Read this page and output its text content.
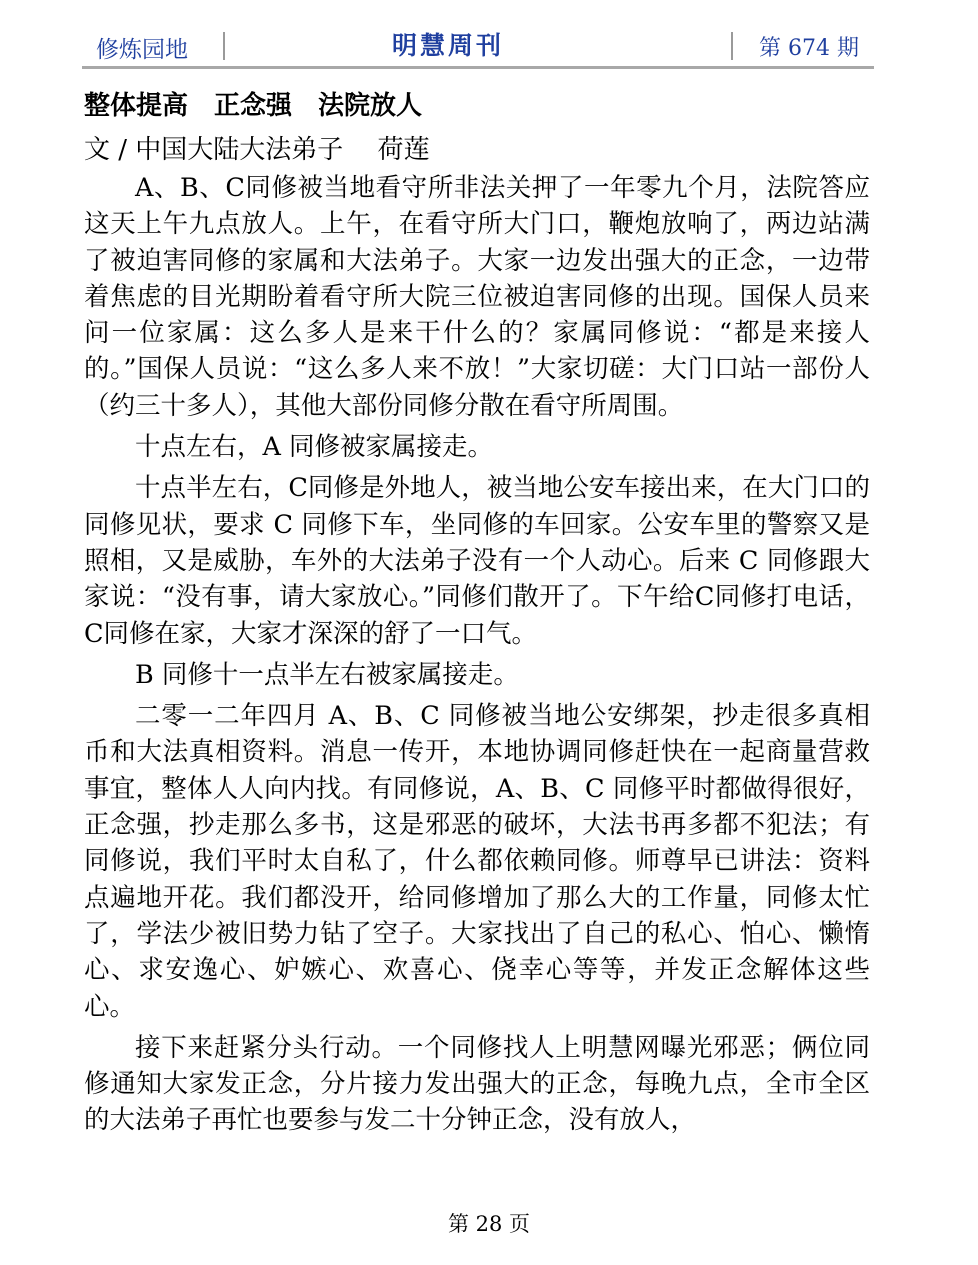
修炼园地	明慧周刊	第 674 期
整体提高　正念强　法院放人
文 / 中国大陆大法弟子　 荷莲

A、B、C同修被当地看守所非法关押了一年零九个月，法院答应这天上午九点放人。上午，在看守所大门口，鞭炮放响了，两边站满了被迫害同修的家属和大法弟子。大家一边发出强大的正念，一边带着焦虑的目光期盼着看守所大院三位被迫害同修的出现。国保人员来问一位家属：这么多人是来干什么的？家属同修说：“都是来接人的。”国保人员说：“这么多人来不放！”大家切磋：大门口站一部份人（约三十多人），其他大部份同修分散在看守所周围。

十点左右，A 同修被家属接走。

十点半左右，C同修是外地人，被当地公安车接出来，在大门口的同修见状，要求 C 同修下车，坐同修的车回家。公安车里的警察又是照相，又是威胁，车外的大法弟子没有一个人动心。后来 C 同修跟大家说：“没有事，请大家放心。”同修们散开了。下午给C同修打电话，C同修在家，大家才深深的舒了一口气。

B 同修十一点半左右被家属接走。

二零一二年四月 A、B、C 同修被当地公安绑架，抄走很多真相币和大法真相资料。消息一传开，本地协调同修赶快在一起商量营救事宜，整体人人向内找。有同修说，A、B、C 同修平时都做得很好，正念强，抄走那么多书，这是邪恶的破坏，大法书再多都不犯法；有同修说，我们平时太自私了，什么都依赖同修。师尊早已讲法：资料点遍地开花。我们都没开，给同修增加了那么大的工作量，同修太忙了，学法少被旧势力钻了空子。大家找出了自己的私心、怕心、懒惰心、求安逸心、妒嫉心、欢喜心、侥幸心等等，并发正念解体这些心。

接下来赶紧分头行动。一个同修找人上明慧网曝光邪恶；俩位同修通知大家发正念，分片接力发出强大的正念，每晚九点，全市全区的大法弟子再忙也要参与发二十分钟正念，没有放人，

第 28 页
